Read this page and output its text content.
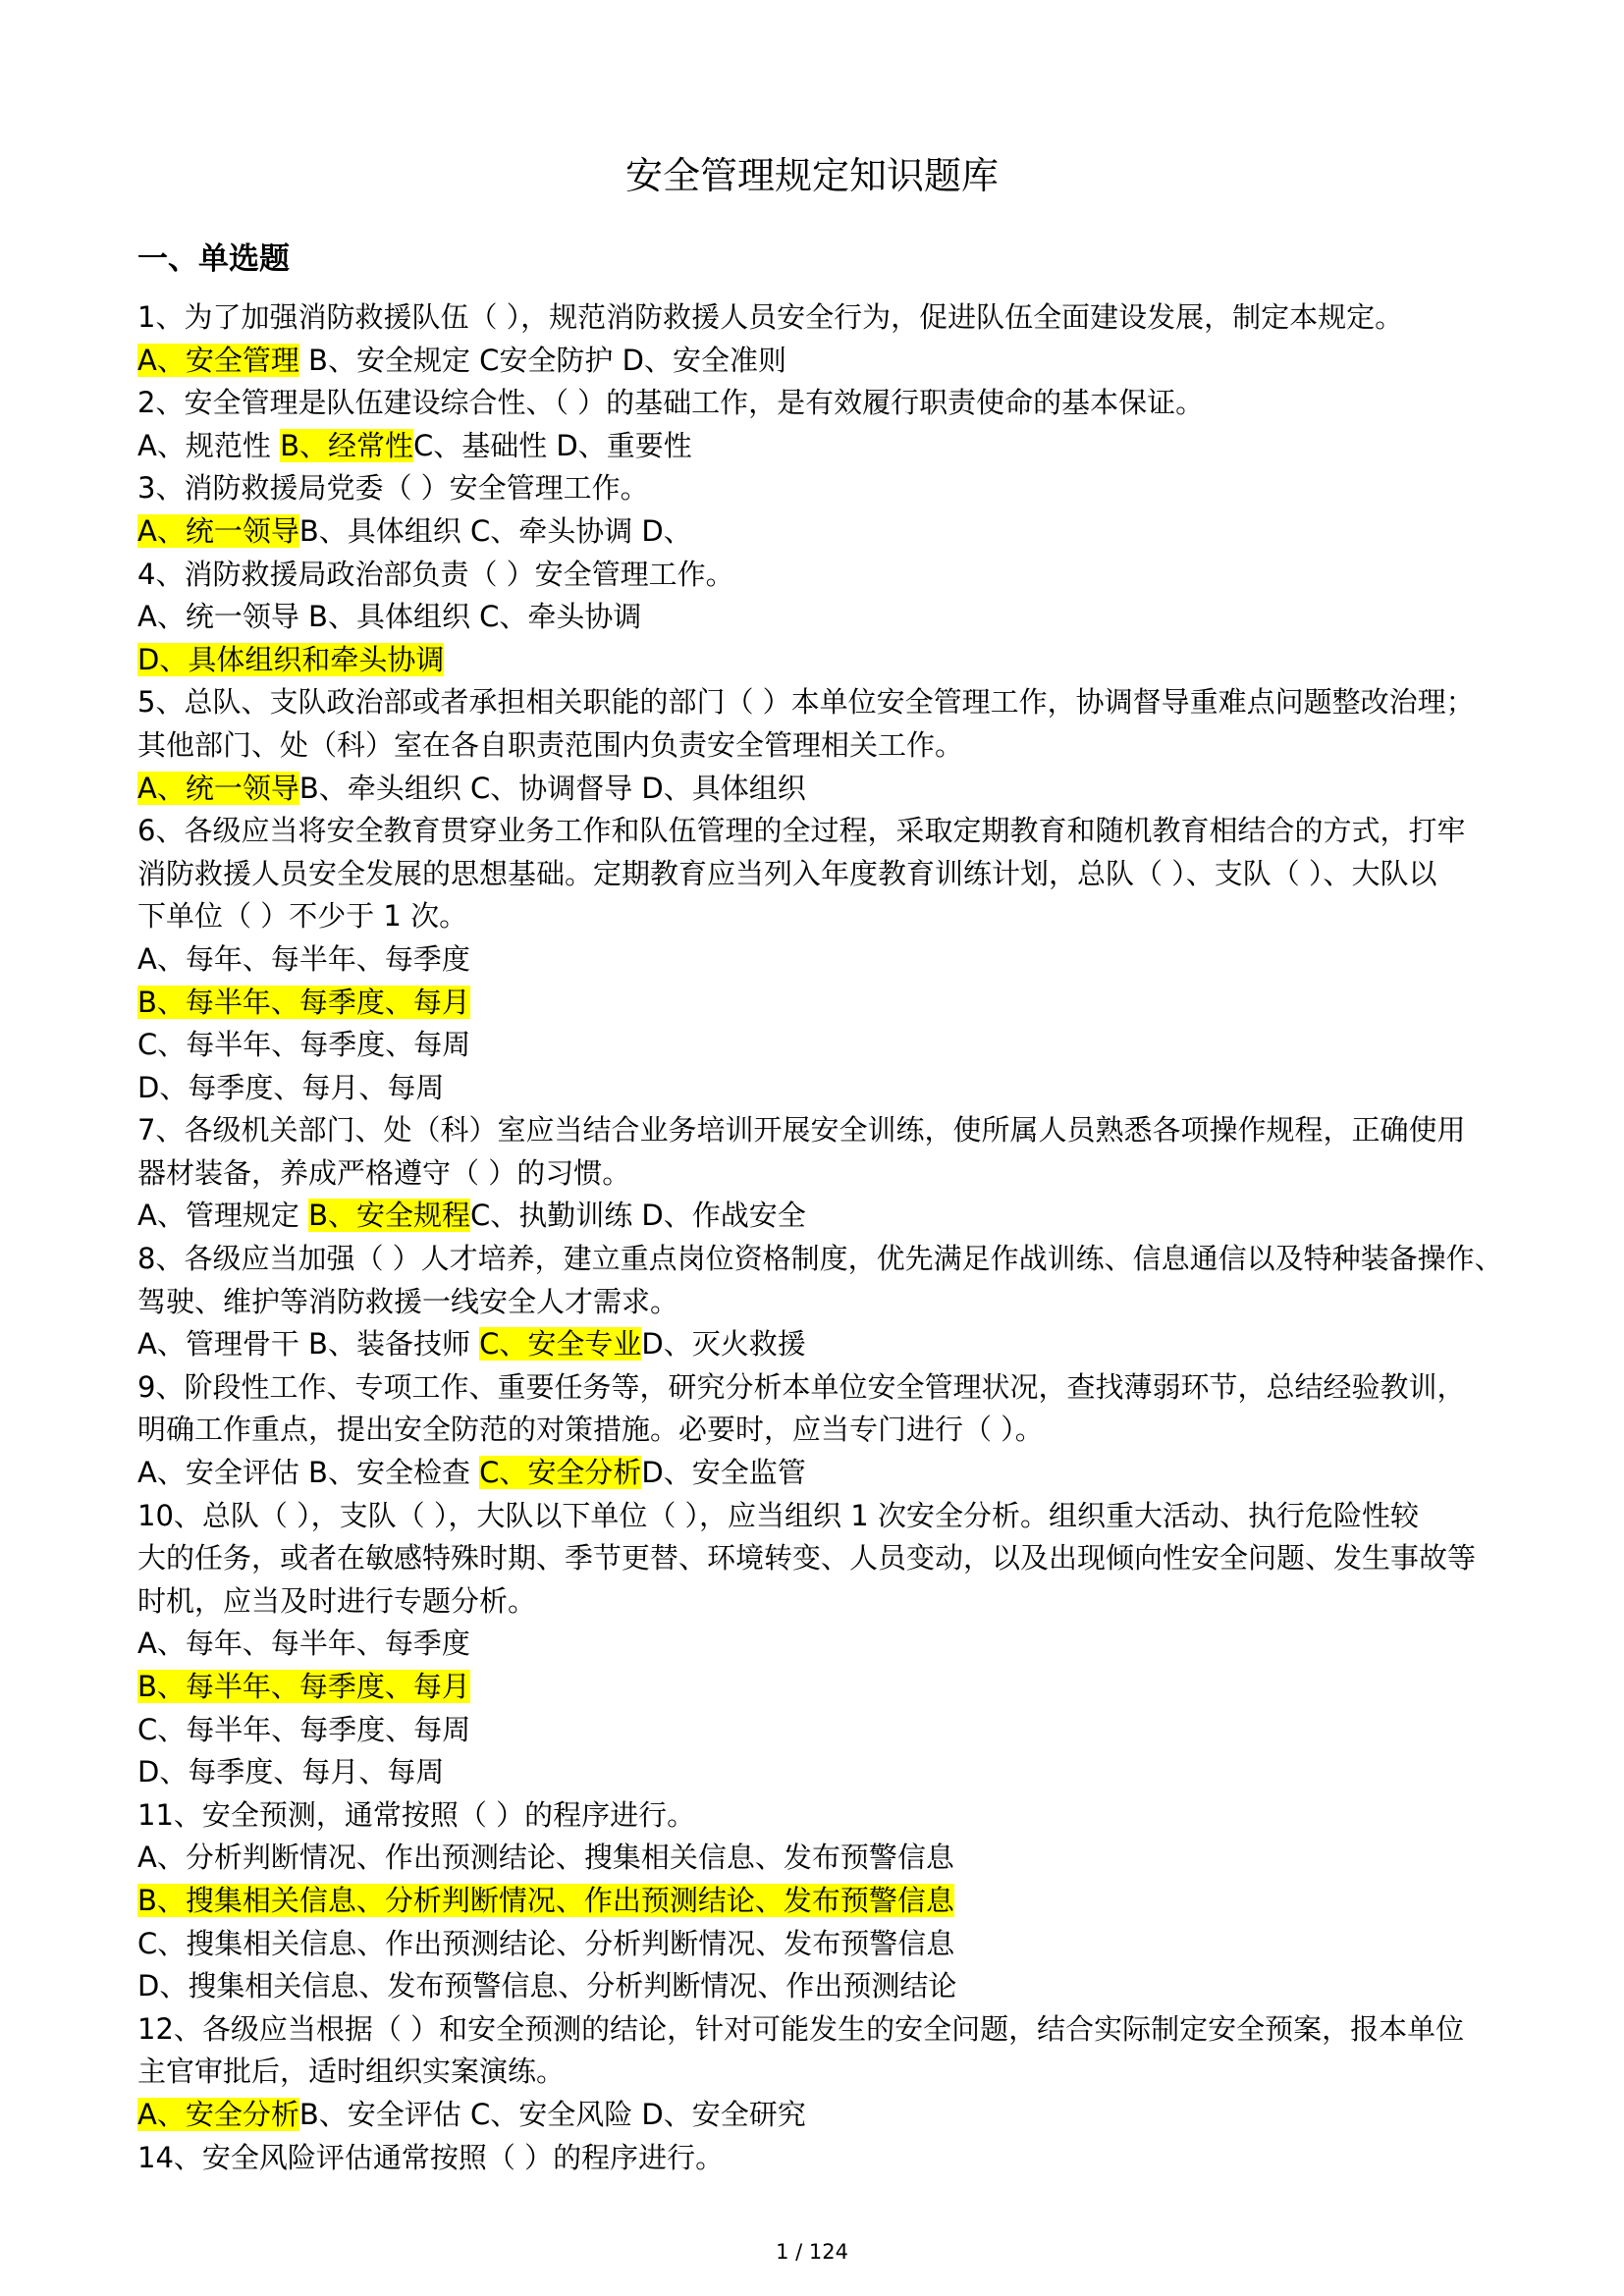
安全管理规定知识题库
一、单选题
1、为了加强消防救援队伍（ ），规范消防救援人员安全行为，促进队伍全面建设发展，制定本规定。
A、安全管理 B、安全规定 C安全防护 D、安全准则
2、安全管理是队伍建设综合性、（ ）的基础工作，是有效履行职责使命的基本保证。
A、规范性 B、经常性C、基础性 D、重要性
3、消防救援局党委（ ）安全管理工作。
A、统一领导B、具体组织 C、牵头协调 D、
4、消防救援局政治部负责（ ）安全管理工作。
A、统一领导 B、具体组织 C、牵头协调
D、具体组织和牵头协调
5、总队、支队政治部或者承担相关职能的部门（ ）本单位安全管理工作，协调督导重难点问题整改治理；
其他部门、处（科）室在各自职责范围内负责安全管理相关工作。
A、统一领导B、牵头组织 C、协调督导 D、具体组织
6、各级应当将安全教育贯穿业务工作和队伍管理的全过程，采取定期教育和随机教育相结合的方式，打牢
消防救援人员安全发展的思想基础。定期教育应当列入年度教育训练计划，总队（ ）、支队（ ）、大队以
下单位（ ）不少于 1 次。
A、每年、每半年、每季度
B、每半年、每季度、每月
C、每半年、每季度、每周
D、每季度、每月、每周
7、各级机关部门、处（科）室应当结合业务培训开展安全训练，使所属人员熟悉各项操作规程，正确使用
器材装备，养成严格遵守（ ）的习惯。
A、管理规定 B、安全规程C、执勤训练 D、作战安全
8、各级应当加强（ ）人才培养，建立重点岗位资格制度，优先满足作战训练、信息通信以及特种装备操作、
驾驶、维护等消防救援一线安全人才需求。
A、管理骨干 B、装备技师 C、安全专业D、灭火救援
9、阶段性工作、专项工作、重要任务等，研究分析本单位安全管理状况，查找薄弱环节，总结经验教训，
明确工作重点，提出安全防范的对策措施。必要时，应当专门进行（ ）。
A、安全评估 B、安全检查 C、安全分析D、安全监管
10、总队（ ），支队（ ），大队以下单位（ ），应当组织 1 次安全分析。组织重大活动、执行危险性较
大的任务，或者在敏感特殊时期、季节更替、环境转变、人员变动，以及出现倾向性安全问题、发生事故等
时机，应当及时进行专题分析。
A、每年、每半年、每季度
B、每半年、每季度、每月
C、每半年、每季度、每周
D、每季度、每月、每周
11、安全预测，通常按照（ ）的程序进行。
A、分析判断情况、作出预测结论、搜集相关信息、发布预警信息
B、搜集相关信息、分析判断情况、作出预测结论、发布预警信息
C、搜集相关信息、作出预测结论、分析判断情况、发布预警信息
D、搜集相关信息、发布预警信息、分析判断情况、作出预测结论
12、各级应当根据（ ）和安全预测的结论，针对可能发生的安全问题，结合实际制定安全预案，报本单位
主官审批后，适时组织实案演练。
A、安全分析B、安全评估 C、安全风险 D、安全研究
14、安全风险评估通常按照（ ）的程序进行。
1 / 124
